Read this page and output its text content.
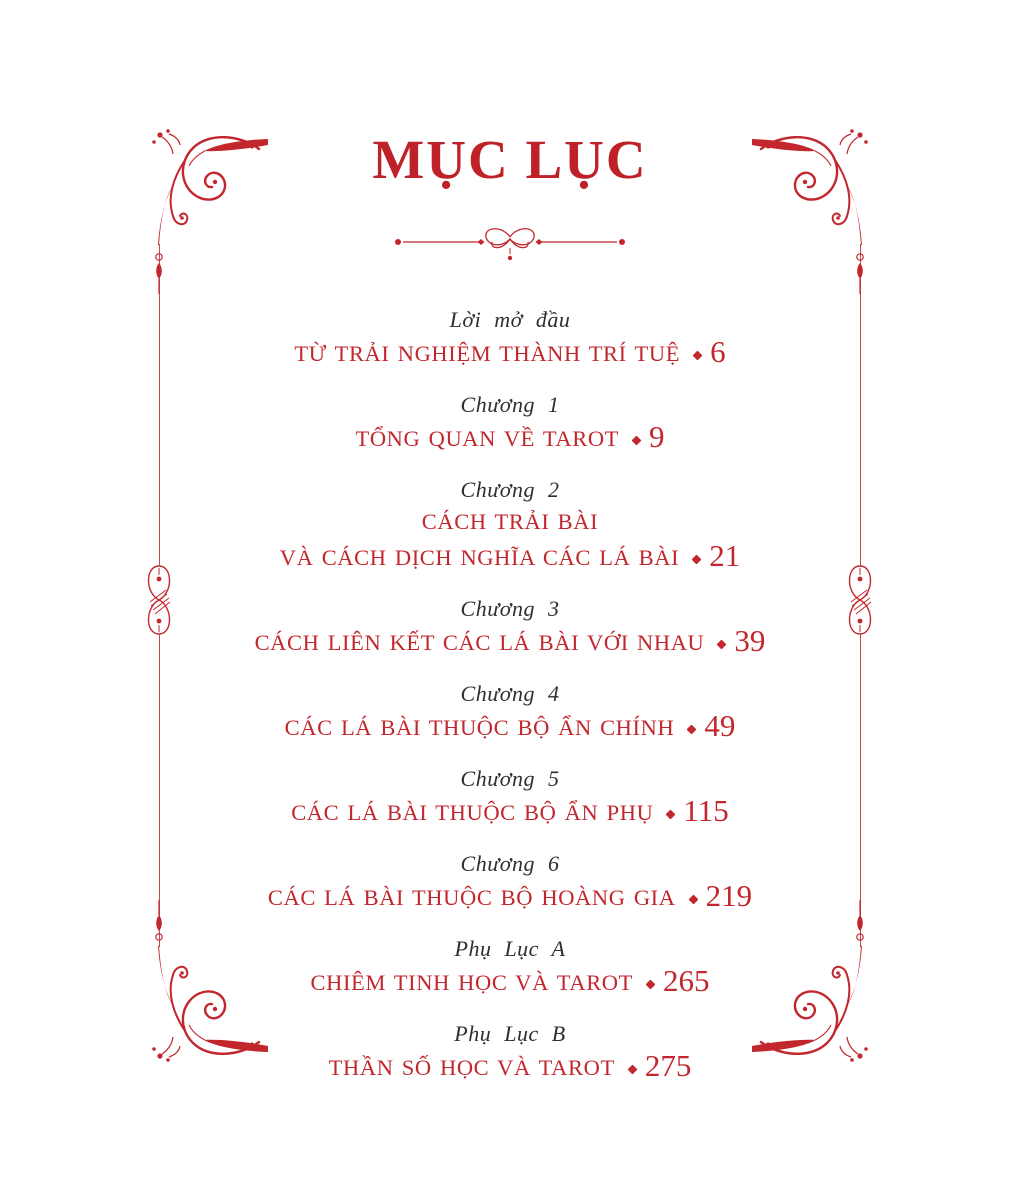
MỤC LỤC
Lời mở đầu
TỪ TRẢI NGHIỆM THÀNH TRÍ TUỆ 6
Chương 1
TỔNG QUAN VỀ TAROT 9
Chương 2
CÁCH TRẢI BÀI
VÀ CÁCH DỊCH NGHĨA CÁC LÁ BÀI 21
Chương 3
CÁCH LIÊN KẾT CÁC LÁ BÀI VỚI NHAU 39
Chương 4
CÁC LÁ BÀI THUỘC BỘ ẨN CHÍNH 49
Chương 5
CÁC LÁ BÀI THUỘC BỘ ẨN PHỤ 115
Chương 6
CÁC LÁ BÀI THUỘC BỘ HOÀNG GIA 219
Phụ Lục A
CHIÊM TINH HỌC VÀ TAROT 265
Phụ Lục B
THẦN SỐ HỌC VÀ TAROT 275
